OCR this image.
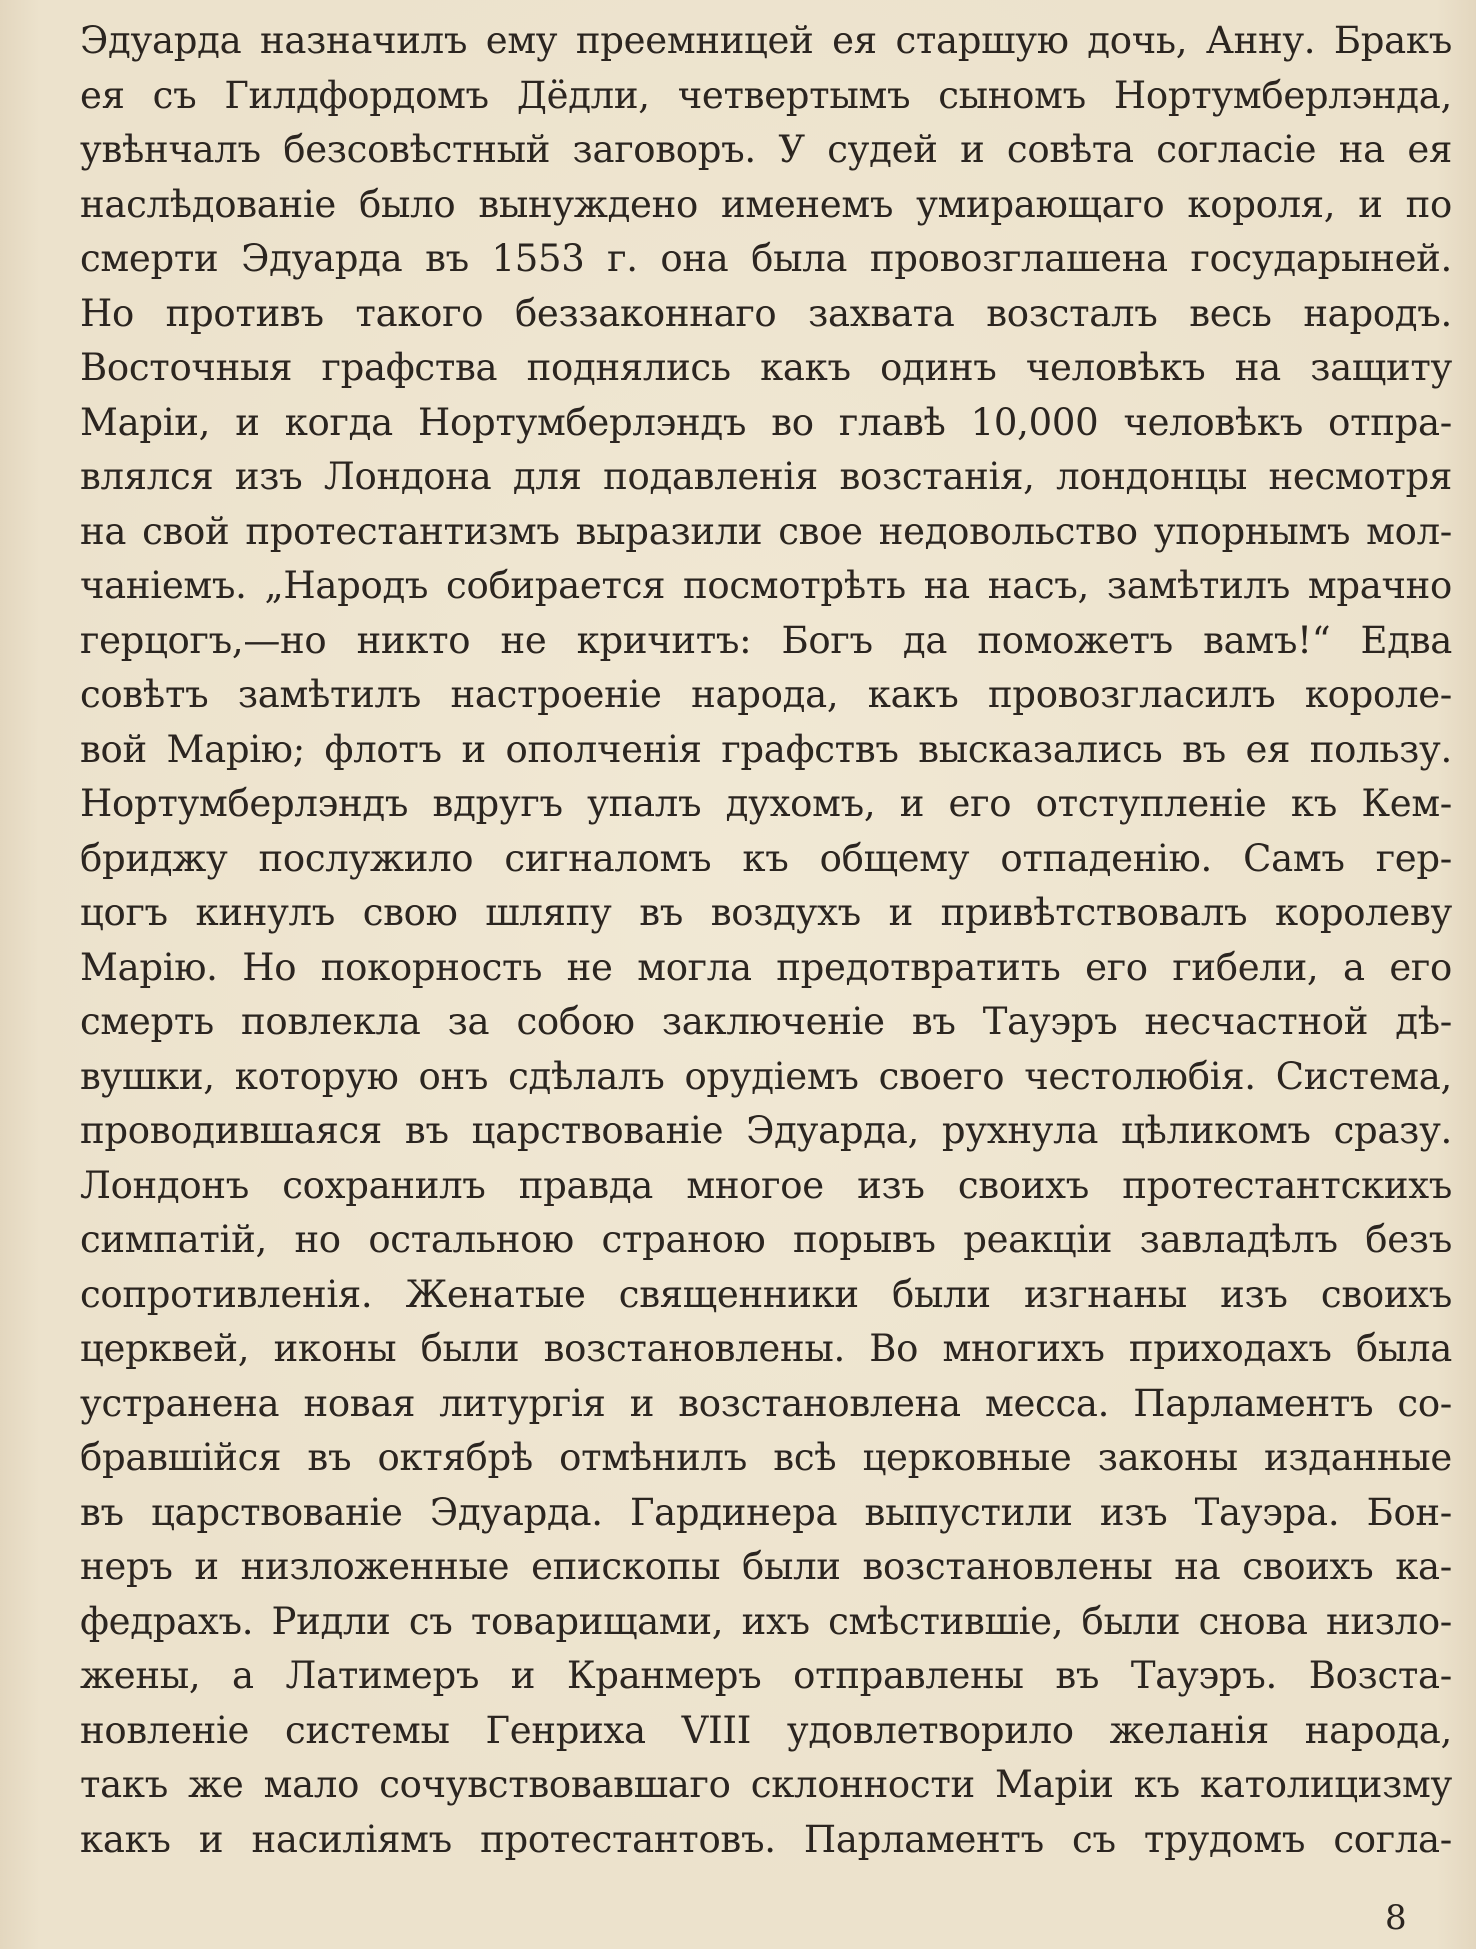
Эдуарда назначилъ ему преемницей ея старшую дочь, Анну. Бракъ
ея съ Гилдфордомъ Дёдли, четвертымъ сыномъ Нортумберлэнда,
увѣнчалъ безсовѣстный заговоръ. У судей и совѣта согласіе на ея
наслѣдованіе было вынуждено именемъ умирающаго короля, и по
смерти Эдуарда въ 1553 г. она была провозглашена государыней.
Но противъ такого беззаконнаго захвата возсталъ весь народъ.
Восточныя графства поднялись какъ одинъ человѣкъ на защиту
Маріи, и когда Нортумберлэндъ во главѣ 10,000 человѣкъ отпра-
влялся изъ Лондона для подавленія возстанія, лондонцы несмотря
на свой протестантизмъ выразили свое недовольство упорнымъ мол-
чаніемъ. „Народъ собирается посмотрѣть на насъ, замѣтилъ мрачно
герцогъ,—но никто не кричитъ: Богъ да поможетъ вамъ!“ Едва
совѣтъ замѣтилъ настроеніе народа, какъ провозгласилъ короле-
вой Марію; флотъ и ополченія графствъ высказались въ ея пользу.
Нортумберлэндъ вдругъ упалъ духомъ, и его отступленіе къ Кем-
бриджу послужило сигналомъ къ общему отпаденію. Самъ гер-
цогъ кинулъ свою шляпу въ воздухъ и привѣтствовалъ королеву
Марію. Но покорность не могла предотвратить его гибели, а его
смерть повлекла за собою заключеніе въ Тауэръ несчастной дѣ-
вушки, которую онъ сдѣлалъ орудіемъ своего честолюбія. Система,
проводившаяся въ царствованіе Эдуарда, рухнула цѣликомъ сразу.
Лондонъ сохранилъ правда многое изъ своихъ протестантскихъ
симпатій, но остальною страною порывъ реакціи завладѣлъ безъ
сопротивленія. Женатые священники были изгнаны изъ своихъ
церквей, иконы были возстановлены. Во многихъ приходахъ была
устранена новая литургія и возстановлена месса. Парламентъ со-
бравшійся въ октябрѣ отмѣнилъ всѣ церковные законы изданные
въ царствованіе Эдуарда. Гардинера выпустили изъ Тауэра. Бон-
неръ и низложенные епископы были возстановлены на своихъ ка-
федрахъ. Ридли съ товарищами, ихъ смѣстившіе, были снова низло-
жены, а Латимеръ и Кранмеръ отправлены въ Тауэръ. Возста-
новленіе системы Генриха VIII удовлетворило желанія народа,
такъ же мало сочувствовавшаго склонности Маріи къ католицизму
какъ и насиліямъ протестантовъ. Парламентъ съ трудомъ согла-
8
